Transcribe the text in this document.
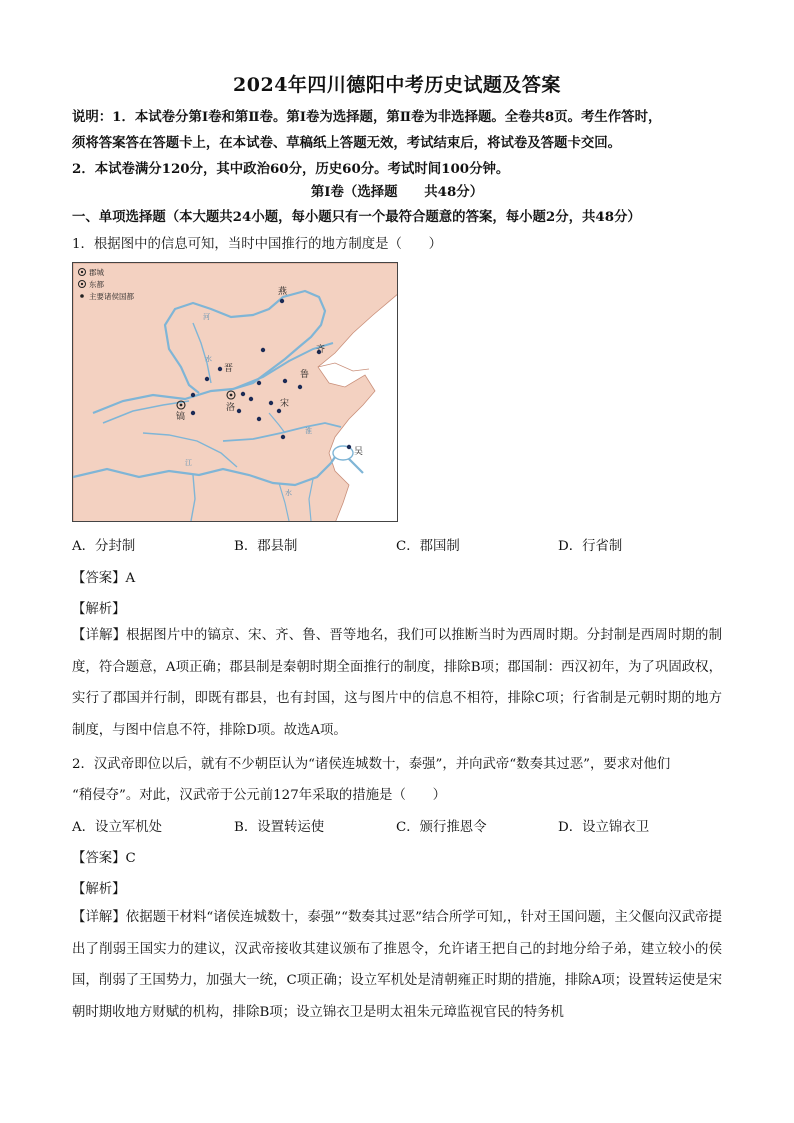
2024年四川德阳中考历史试题及答案
说明：1．本试卷分第Ⅰ卷和第Ⅱ卷。第Ⅰ卷为选择题，第Ⅱ卷为非选择题。全卷共8页。考生作答时，
须将答案答在答题卡上，在本试卷、草稿纸上答题无效，考试结束后，将试卷及答题卡交回。
2．本试卷满分120分，其中政治60分，历史60分。考试时间100分钟。
第Ⅰ卷（选择题　　共48分）
一、单项选择题（本大题共24小题，每小题只有一个最符合题意的答案，每小题2分，共48分）
1．根据图中的信息可知，当时中国推行的地方制度是（　　）
郡城
东都
主要诸侯国都	燕
齐
晋
鲁
洛	宋
镐
吴
河
水
江
淮
水
A．分封制	B．郡县制	C．郡国制	D．行省制
【答案】A
【解析】
【详解】根据图片中的镐京、宋、齐、鲁、晋等地名，我们可以推断当时为西周时期。分封制是西周时期的制度，符合题意，A项正确；郡县制是秦朝时期全面推行的制度，排除B项；郡国制：西汉初年，为了巩固政权，实行了郡国并行制，即既有郡县，也有封国，这与图片中的信息不相符，排除C项；行省制是元朝时期的地方制度，与图中信息不符，排除D项。故选A项。
2．汉武帝即位以后，就有不少朝臣认为“诸侯连城数十，泰强”，并向武帝“数奏其过恶”，要求对他们
“稍侵夺”。对此，汉武帝于公元前127年采取的措施是（　　）
A．设立军机处	B．设置转运使	C．颁行推恩令	D．设立锦衣卫
【答案】C
【解析】
【详解】依据题干材料“诸侯连城数十，泰强”“数奏其过恶”结合所学可知,，针对王国问题，主父偃向汉武帝提出了削弱王国实力的建议，汉武帝接收其建议颁布了推恩令，允许诸王把自己的封地分给子弟，建立较小的侯国，削弱了王国势力，加强大一统，C项正确；设立军机处是清朝雍正时期的措施，排除A项；设置转运使是宋朝时期收地方财赋的机构，排除B项；设立锦衣卫是明太祖朱元璋监视官民的特务机
